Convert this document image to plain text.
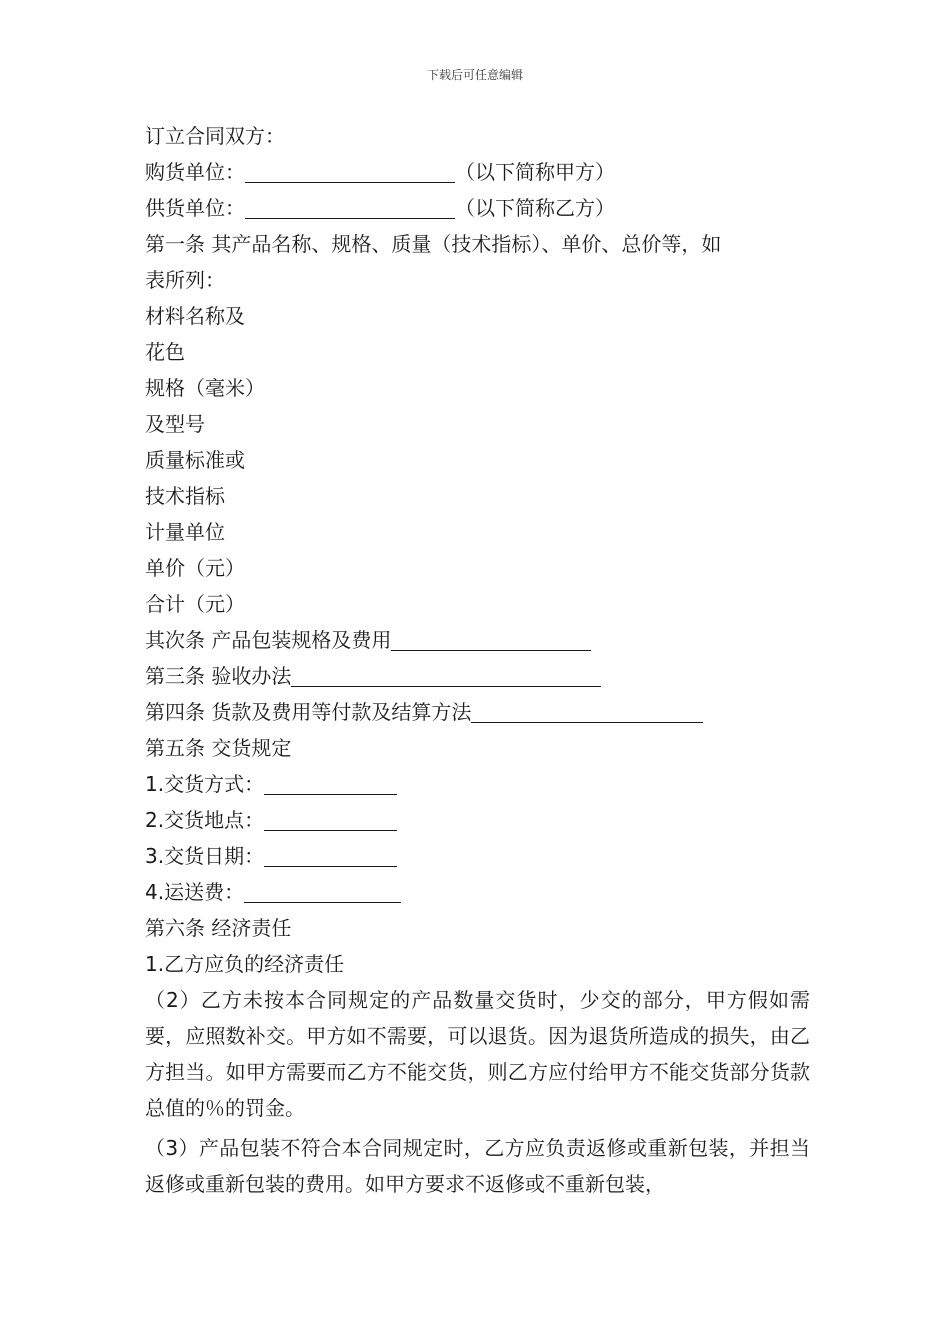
下载后可任意编辑
订立合同双方：
购货单位：	（以下简称甲方）
供货单位：	（以下简称乙方）
第一条 其产品名称、规格、质量（技术指标）、单价、总价等，如
表所列：
材料名称及
花色
规格（毫米）
及型号
质量标准或
技术指标
计量单位
单价（元）
合计（元）
其次条 产品包装规格及费用
第三条 验收办法
第四条 货款及费用等付款及结算方法
第五条 交货规定
1.交货方式：
2.交货地点：
3.交货日期：
4.运送费：
第六条 经济责任
1.乙方应负的经济责任
（2）乙方未按本合同规定的产品数量交货时，少交的部分，甲方假如需要，应照数补交。甲方如不需要，可以退货。因为退货所造成的损失，由乙方担当。如甲方需要而乙方不能交货，则乙方应付给甲方不能交货部分货款总值的％的罚金。
（3）产品包装不符合本合同规定时，乙方应负责返修或重新包装，并担当返修或重新包装的费用。如甲方要求不返修或不重新包装，
